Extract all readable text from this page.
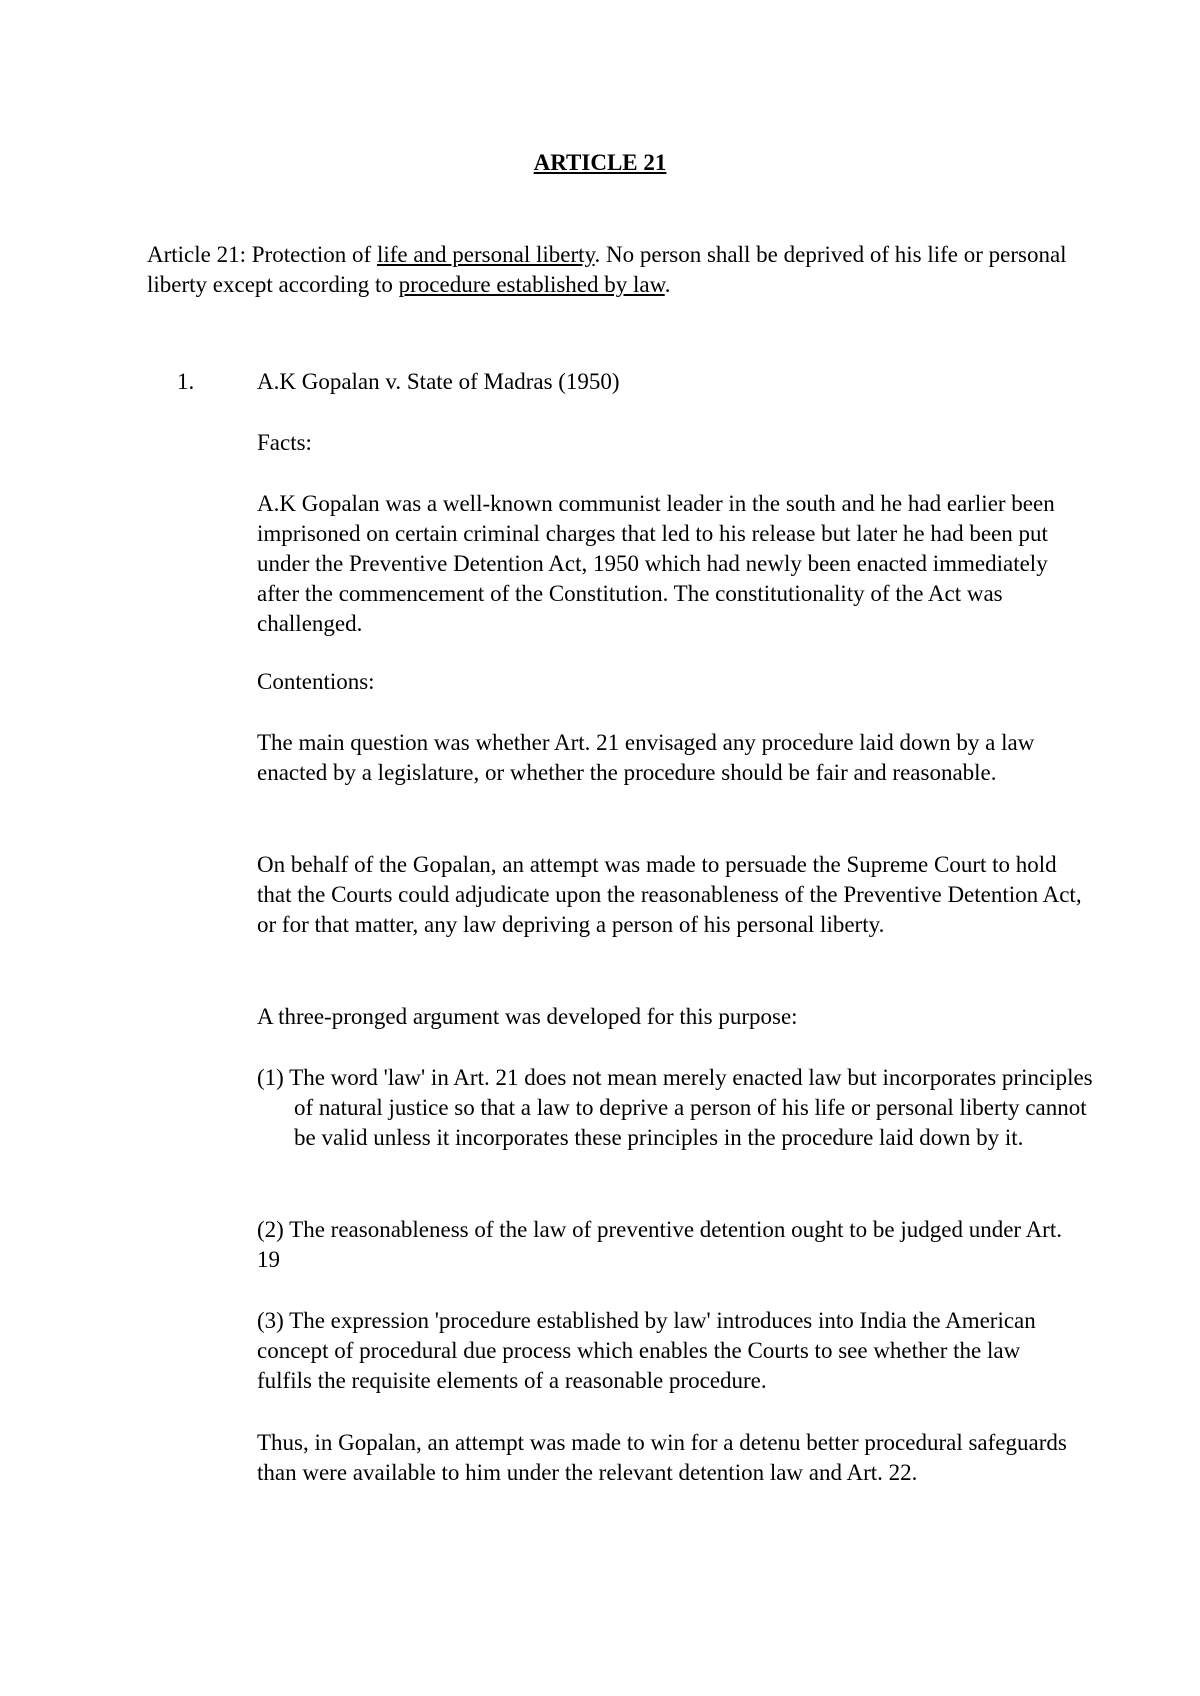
ARTICLE 21

Article 21: Protection of life and personal liberty. No person shall be deprived of his life or personal liberty except according to procedure established by law.

1.	A.K Gopalan v. State of Madras (1950)

Facts:

A.K Gopalan was a well-known communist leader in the south and he had earlier been imprisoned on certain criminal charges that led to his release but later he had been put under the Preventive Detention Act, 1950 which had newly been enacted immediately after the commencement of the Constitution. The constitutionality of the Act was challenged.

Contentions:

The main question was whether Art. 21 envisaged any procedure laid down by a law enacted by a legislature, or whether the procedure should be fair and reasonable.

On behalf of the Gopalan, an attempt was made to persuade the Supreme Court to hold that the Courts could adjudicate upon the reasonableness of the Preventive Detention Act, or for that matter, any law depriving a person of his personal liberty.

A three-pronged argument was developed for this purpose:

(1) The word 'law' in Art. 21 does not mean merely enacted law but incorporates principles of natural justice so that a law to deprive a person of his life or personal liberty cannot be valid unless it incorporates these principles in the procedure laid down by it.

(2) The reasonableness of the law of preventive detention ought to be judged under Art. 19

(3) The expression 'procedure established by law' introduces into India the American concept of procedural due process which enables the Courts to see whether the law fulfils the requisite elements of a reasonable procedure.

Thus, in Gopalan, an attempt was made to win for a detenu better procedural safeguards than were available to him under the relevant detention law and Art. 22.
